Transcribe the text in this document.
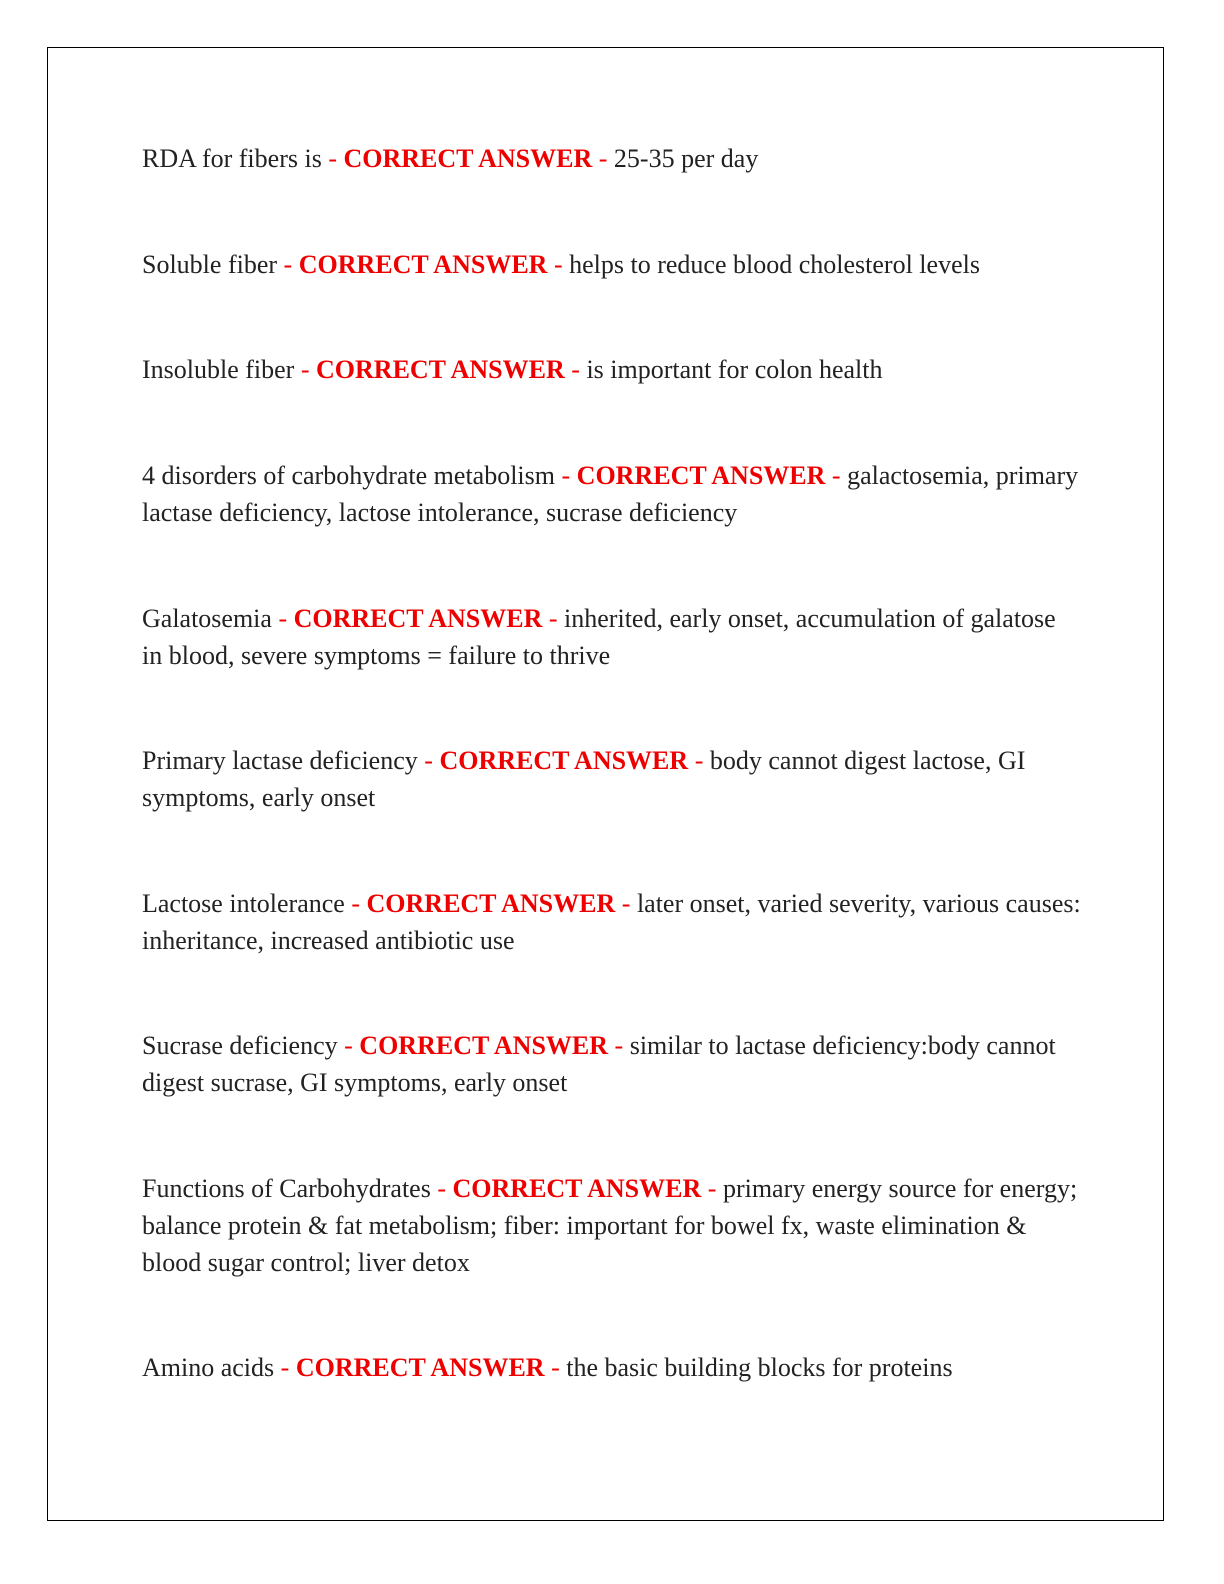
RDA for fibers is - CORRECT ANSWER - 25-35 per day

Soluble fiber - CORRECT ANSWER - helps to reduce blood cholesterol levels

Insoluble fiber - CORRECT ANSWER - is important for colon health

4 disorders of carbohydrate metabolism - CORRECT ANSWER - galactosemia, primary lactase deficiency, lactose intolerance, sucrase deficiency

Galatosemia - CORRECT ANSWER - inherited, early onset, accumulation of galatose in blood, severe symptoms = failure to thrive

Primary lactase deficiency - CORRECT ANSWER - body cannot digest lactose, GI symptoms, early onset

Lactose intolerance - CORRECT ANSWER - later onset, varied severity, various causes: inheritance, increased antibiotic use

Sucrase deficiency - CORRECT ANSWER - similar to lactase deficiency:body cannot digest sucrase, GI symptoms, early onset

Functions of Carbohydrates - CORRECT ANSWER - primary energy source for energy; balance protein & fat metabolism; fiber: important for bowel fx, waste elimination & blood sugar control; liver detox

Amino acids - CORRECT ANSWER - the basic building blocks for proteins
